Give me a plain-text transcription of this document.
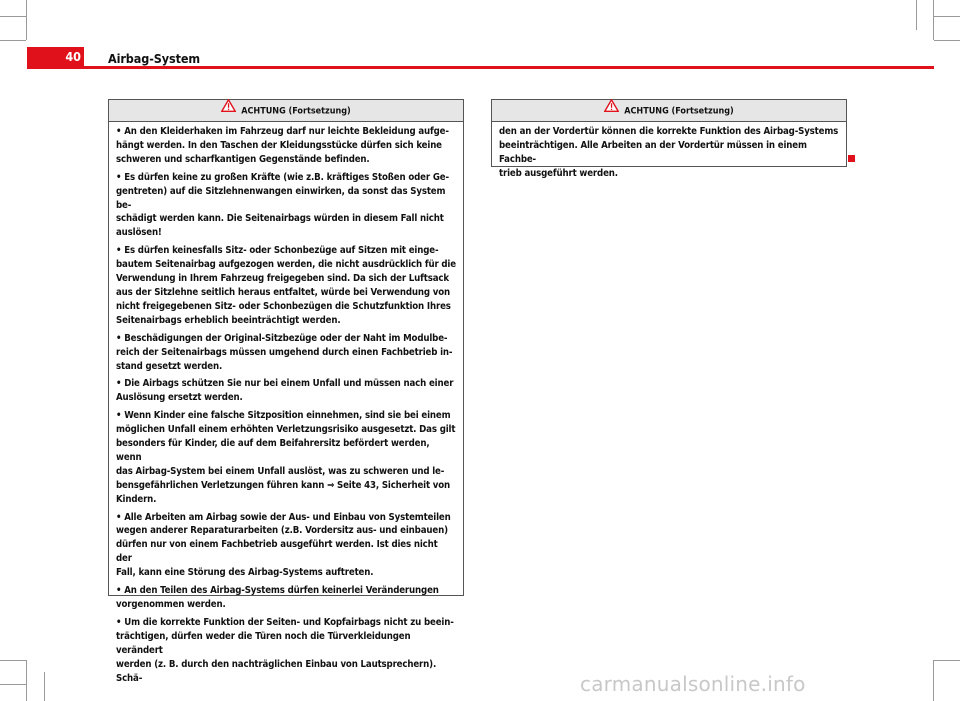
40 Airbag-System
ACHTUNG (Fortsetzung)

• An den Kleiderhaken im Fahrzeug darf nur leichte Bekleidung aufge-
hängt werden. In den Taschen der Kleidungsstücke dürfen sich keine
schweren und scharfkantigen Gegenstände befinden.

• Es dürfen keine zu großen Kräfte (wie z.B. kräftiges Stoßen oder Ge-
gentreten) auf die Sitzlehnenwangen einwirken, da sonst das System be-
schädigt werden kann. Die Seitenairbags würden in diesem Fall nicht
auslösen!

• Es dürfen keinesfalls Sitz- oder Schonbezüge auf Sitzen mit einge-
bautem Seitenairbag aufgezogen werden, die nicht ausdrücklich für die
Verwendung in Ihrem Fahrzeug freigegeben sind. Da sich der Luftsack
aus der Sitzlehne seitlich heraus entfaltet, würde bei Verwendung von
nicht freigegebenen Sitz- oder Schonbezügen die Schutzfunktion Ihres
Seitenairbags erheblich beeinträchtigt werden.

• Beschädigungen der Original-Sitzbezüge oder der Naht im Modulbe-
reich der Seitenairbags müssen umgehend durch einen Fachbetrieb in-
stand gesetzt werden.

• Die Airbags schützen Sie nur bei einem Unfall und müssen nach einer
Auslösung ersetzt werden.

• Wenn Kinder eine falsche Sitzposition einnehmen, sind sie bei einem
möglichen Unfall einem erhöhten Verletzungsrisiko ausgesetzt. Das gilt
besonders für Kinder, die auf dem Beifahrersitz befördert werden, wenn
das Airbag-System bei einem Unfall auslöst, was zu schweren und le-
bensgefährlichen Verletzungen führen kann ⇒ Seite 43, Sicherheit von
Kindern.

• Alle Arbeiten am Airbag sowie der Aus- und Einbau von Systemteilen
wegen anderer Reparaturarbeiten (z.B. Vordersitz aus- und einbauen)
dürfen nur von einem Fachbetrieb ausgeführt werden. Ist dies nicht der
Fall, kann eine Störung des Airbag-Systems auftreten.

• An den Teilen des Airbag-Systems dürfen keinerlei Veränderungen
vorgenommen werden.

• Um die korrekte Funktion der Seiten- und Kopfairbags nicht zu beein-
trächtigen, dürfen weder die Türen noch die Türverkleidungen verändert
werden (z. B. durch den nachträglichen Einbau von Lautsprechern). Schä-

ACHTUNG (Fortsetzung)

den an der Vordertür können die korrekte Funktion des Airbag-Systems
beeinträchtigen. Alle Arbeiten an der Vordertür müssen in einem Fachbe-
trieb ausgeführt werden.

carmanualsonline.info
